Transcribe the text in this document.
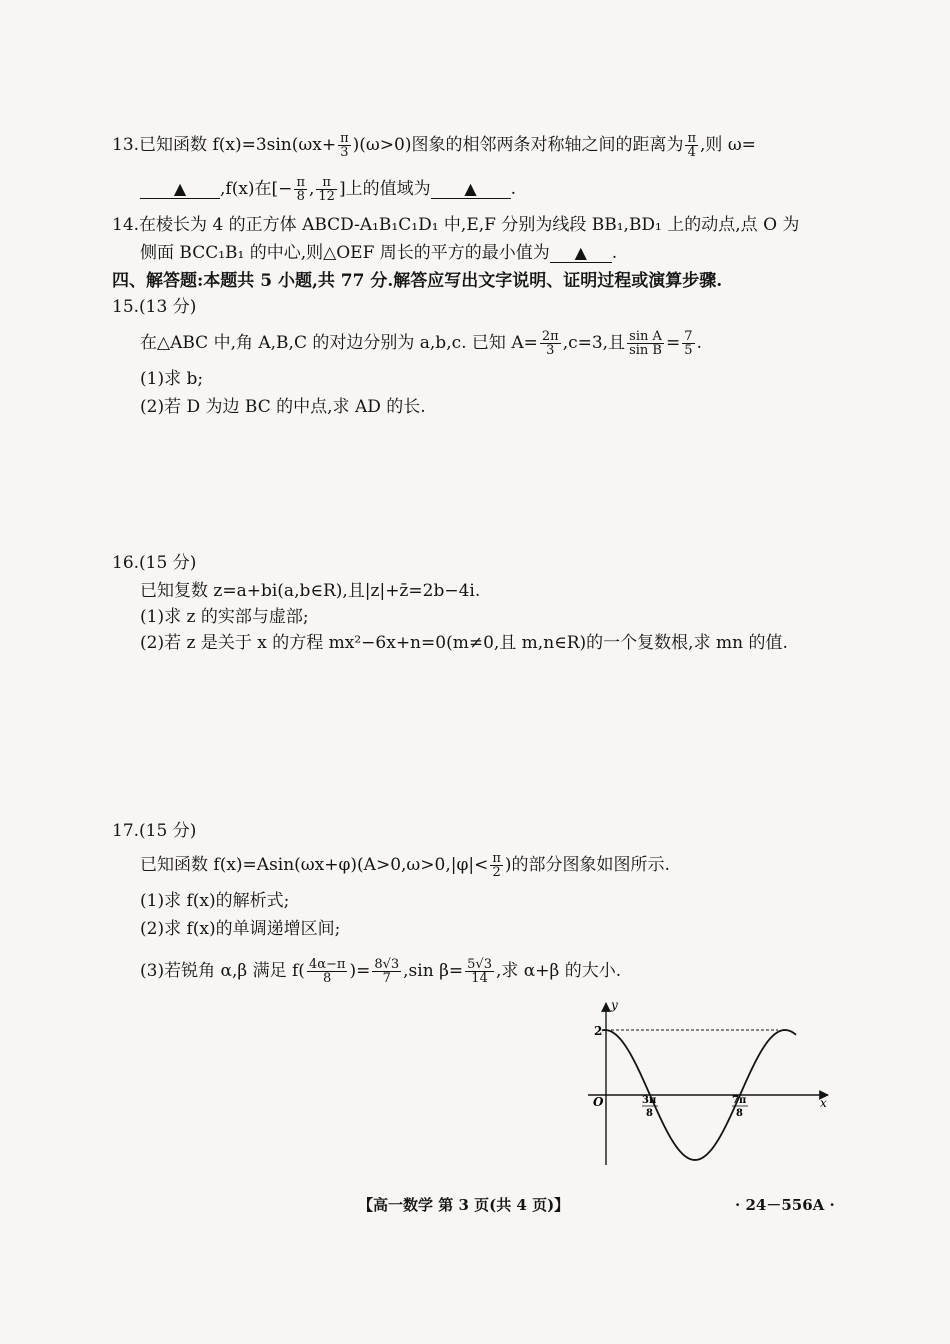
13.已知函数 $f(x)=3\sin(\omega x+ \frac{\pi}{3} )(\omega>0)$图象的相邻两条对称轴之间的距离为 $\frac{\pi}{4}$ ,则 ω=
▲ ,f(x)在[− $\frac{\pi}{8}$ , $\frac{\pi}{12}$ ]上的值域为 ▲ .
14.在棱长为 4 的正方体 ABCD-A₁B₁C₁D₁ 中,E,F 分别为线段 BB₁,BD₁ 上的动点,点 O 为
侧面 BCC₁B₁ 的中心,则△OEF 周长的平方的最小值为 ▲ .
四、解答题:本题共 5 小题,共 77 分.解答应写出文字说明、证明过程或演算步骤.
15.(13 分)
在△ABC 中,角 A,B,C 的对边分别为 a,b,c. 已知 $A= \frac{2\pi}{3} ,c=3$,且 $\frac{\text{sin A}}{\text{sin B}} = \frac{7}{5}$ .
(1)求 b;
(2)若 D 为边 BC 的中点,求 AD 的长.
16.(15 分)
已知复数 z=a+bi(a,b∈R),且|z|+z̄=2b−4i.
(1)求 z 的实部与虚部;
(2)若 z 是关于 x 的方程 mx²−6x+n=0(m≠0,且 m,n∈R)的一个复数根,求 mn 的值.
17.(15 分)
已知函数 $f(x)=Asin(\omega x+\varphi)(A>0,\omega>0,|\varphi|< \frac{\pi}{2}$ )的部分图象如图所示.
(1)求 f(x)的解析式;
(2)求 f(x)的单调递增区间;
(3)若锐角 α,β 满足 $f( \frac{4\alpha-\pi}{8}$ )= $\frac{8√3}{7} ,\sin$ $\beta= \frac{5√3}{14}$ ,求 α+β 的大小.
y
x
O
2
3π
8
7π
8
【高一数学 第 3 页(共 4 页)】	· 24－556A ·
